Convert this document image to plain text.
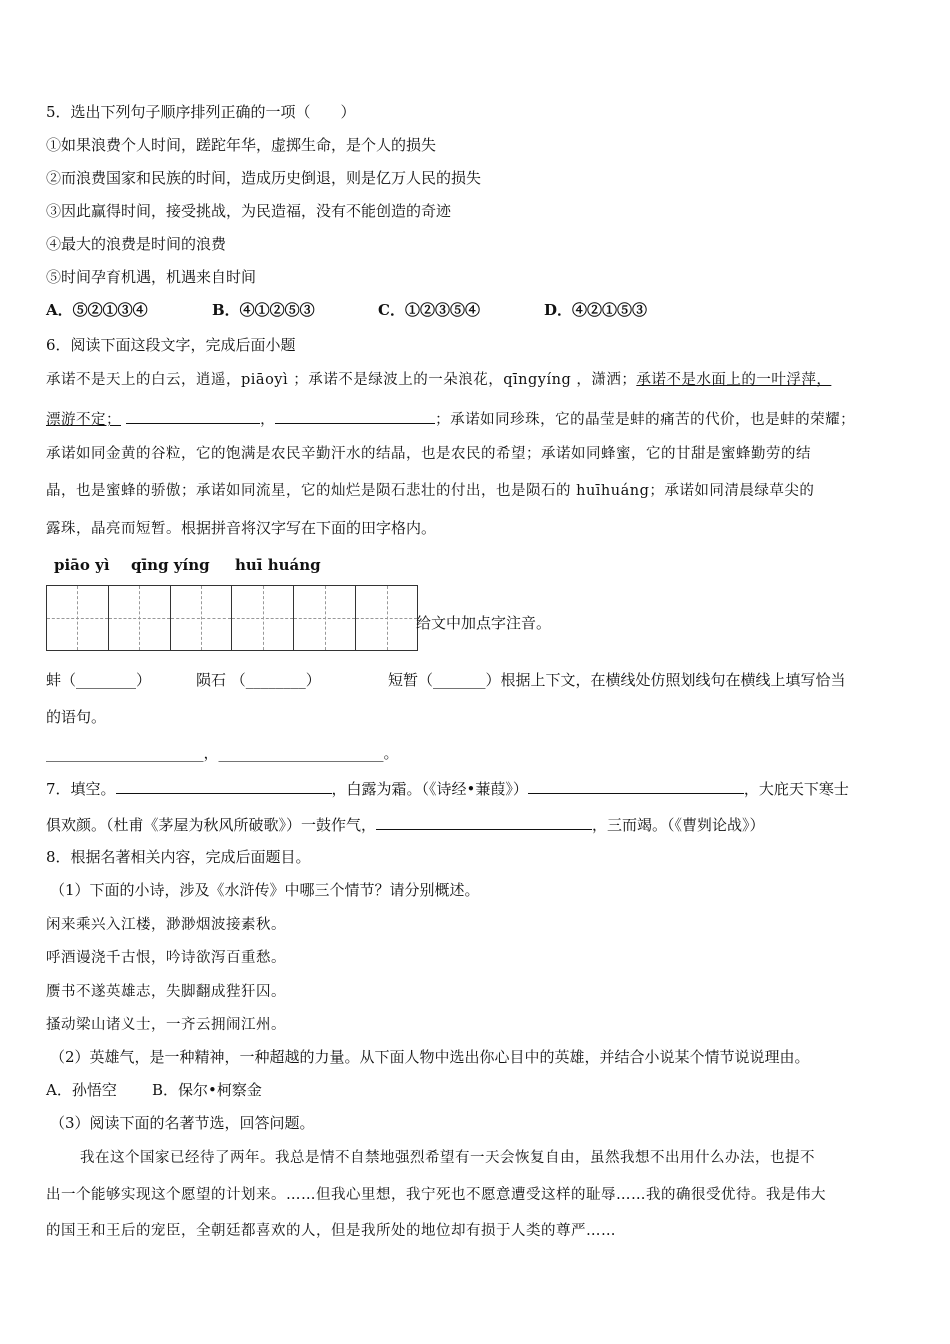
5．选出下列句子顺序排列正确的一项（　　）
①如果浪费个人时间，蹉跎年华，虚掷生命，是个人的损失
②而浪费国家和民族的时间，造成历史倒退，则是亿万人民的损失
③因此赢得时间，接受挑战，为民造福，没有不能创造的奇迹
④最大的浪费是时间的浪费
⑤时间孕育机遇，机遇来自时间
A．⑤②①③④	B．④①②⑤③	C．①②③⑤④	D．④②①⑤③
6．阅读下面这段文字，完成后面小题
承诺不是天上的白云，逍遥，piāoyì ；承诺不是绿波上的一朵浪花，qīngyíng ，潇洒；承诺不是水面上的一叶浮萍，
漂游不定；	，	；承诺如同珍珠，它的晶莹是蚌的痛苦的代价，也是蚌的荣耀；
承诺如同金黄的谷粒，它的饱满是农民辛勤汗水的结晶，也是农民的希望；承诺如同蜂蜜，它的甘甜是蜜蜂勤劳的结
晶，也是蜜蜂的骄傲；承诺如同流星，它的灿烂是陨石悲壮的付出，也是陨石的 huīhuáng；承诺如同清晨绿草尖的
露珠，晶亮而短暂。根据拼音将汉字写在下面的田字格内。
piāo yì qīng yíng huī huáng
给文中加点字注音。
蚌（________）	陨石 （________）	短暂（_______）根据上下文，在横线处仿照划线句在横线上填写恰当
的语句。
_____________________，______________________。
7．填空。	，白露为霜。（《诗经•蒹葭》）	，大庇天下寒士
俱欢颜。（杜甫《茅屋为秋风所破歌》）一鼓作气，	，三而竭。（《曹刿论战》）
8．根据名著相关内容，完成后面题目。
（1）下面的小诗，涉及《水浒传》中哪三个情节？请分别概述。
闲来乘兴入江楼，渺渺烟波接素秋。
呼酒谩浇千古恨，吟诗欲泻百重愁。
赝书不遂英雄志，失脚翻成狴犴囚。
搔动梁山诸义士，一齐云拥闹江州。
（2）英雄气，是一种精神，一种超越的力量。从下面人物中选出你心目中的英雄，并结合小说某个情节说说理由。
A．孙悟空 B．保尔•柯察金
（3）阅读下面的名著节选，回答问题。
我在这个国家已经待了两年。我总是情不自禁地强烈希望有一天会恢复自由，虽然我想不出用什么办法，也提不
出一个能够实现这个愿望的计划来。……但我心里想，我宁死也不愿意遭受这样的耻辱……我的确很受优待。我是伟大
的国王和王后的宠臣，全朝廷都喜欢的人，但是我所处的地位却有损于人类的尊严……
